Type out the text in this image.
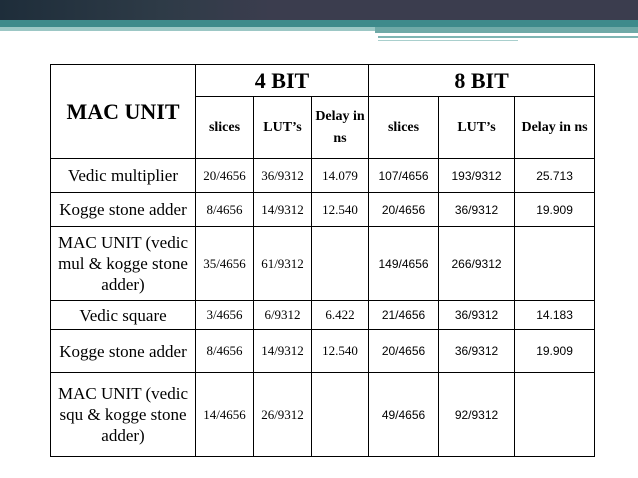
MAC UNIT	4 BIT			8 BIT		
	slices	LUT’s	Delay in ns	slices	LUT’s	Delay in ns
Vedic multiplier	20/4656	36/9312	14.079	107/4656	193/9312	25.713
Kogge stone adder	8/4656	14/9312	12.540	20/4656	36/9312	19.909
MAC UNIT (vedic mul & kogge stone adder)	35/4656	61/9312		149/4656	266/9312	
Vedic square	3/4656	6/9312	6.422	21/4656	36/9312	14.183
Kogge stone adder	8/4656	14/9312	12.540	20/4656	36/9312	19.909
MAC UNIT (vedic squ & kogge stone adder)	14/4656	26/9312		49/4656	92/9312	
